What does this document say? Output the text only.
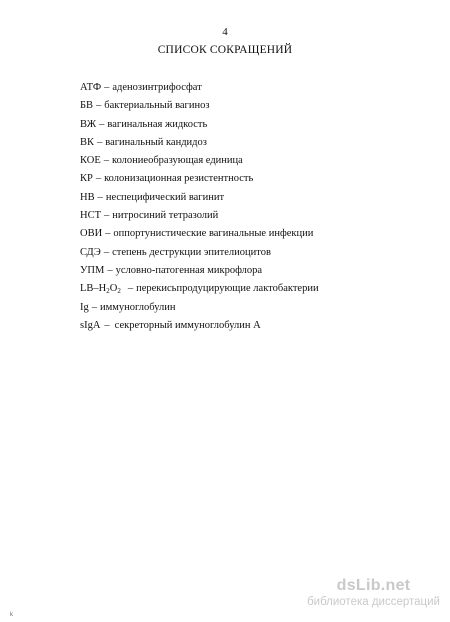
4
СПИСОК СОКРАЩЕНИЙ
АТФ – аденозинтрифосфат
БВ – бактериальный вагиноз
ВЖ – вагинальная жидкость
ВК – вагинальный кандидоз
КОЕ – колониеобразующая единица
КР – колонизационная резистентность
НВ – неспецифический вагинит
НСТ – нитросиний тетразолий
ОВИ – оппортунистические вагинальные инфекции
СДЭ – степень деструкции эпителиоцитов
УПМ – условно-патогенная микрофлора
$LB-H_2O_2$ – перекисьпродуцирующие лактобактерии
Ig – иммуноглобулин
sIgA – секреторный иммуноглобулин А
dsLib.net
библиотека диссертаций
k
